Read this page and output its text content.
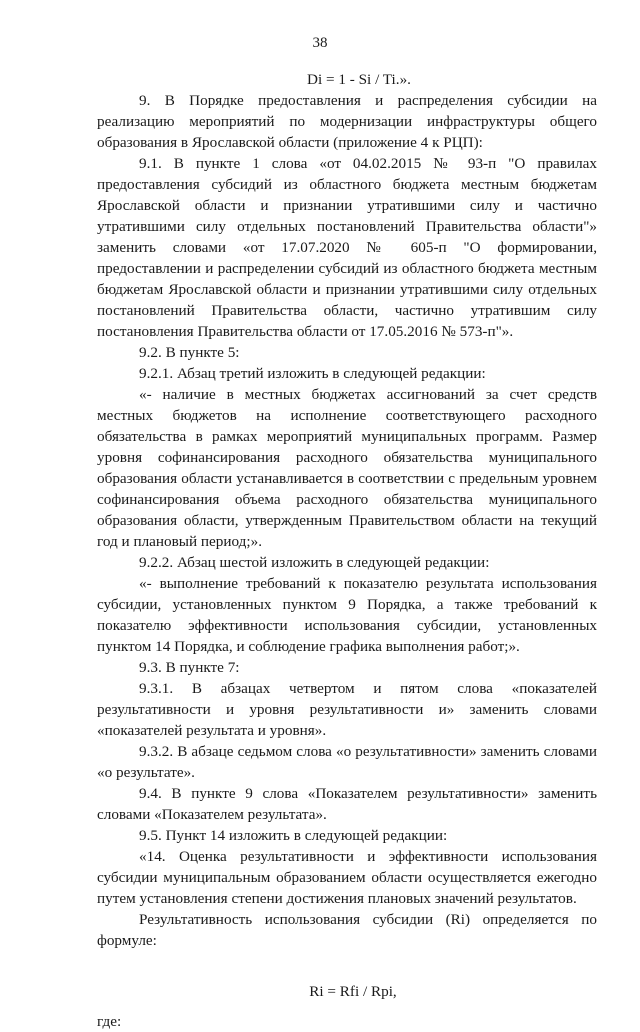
38

Di = 1 - Si / Ti.».

9. В Порядке предоставления и распределения субсидии на реализацию мероприятий по модернизации инфраструктуры общего образования в Ярославской области (приложение 4 к РЦП):

9.1. В пункте 1 слова «от 04.02.2015 № 93-п "О правилах предоставления субсидий из областного бюджета местным бюджетам Ярославской области и признании утратившими силу и частично утратившими силу отдельных постановлений Правительства области"» заменить словами «от 17.07.2020 № 605-п "О формировании, предоставлении и распределении субсидий из областного бюджета местным бюджетам Ярославской области и признании утратившими силу отдельных постановлений Правительства области, частично утратившим силу постановления Правительства области от 17.05.2016 № 573-п"».

9.2. В пункте 5:

9.2.1. Абзац третий изложить в следующей редакции:

«- наличие в местных бюджетах ассигнований за счет средств местных бюджетов на исполнение соответствующего расходного обязательства в рамках мероприятий муниципальных программ. Размер уровня софинансирования расходного обязательства муниципального образования области устанавливается в соответствии с предельным уровнем софинансирования объема расходного обязательства муниципального образования области, утвержденным Правительством области на текущий год и плановый период;».

9.2.2. Абзац шестой изложить в следующей редакции:

«- выполнение требований к показателю результата использования субсидии, установленных пунктом 9 Порядка, а также требований к показателю эффективности использования субсидии, установленных пунктом 14 Порядка, и соблюдение графика выполнения работ;».

9.3. В пункте 7:

9.3.1. В абзацах четвертом и пятом слова «показателей результативности и уровня результативности и» заменить словами «показателей результата и уровня».

9.3.2. В абзаце седьмом слова «о результативности» заменить словами «о результате».

9.4. В пункте 9 слова «Показателем результативности» заменить словами «Показателем результата».

9.5. Пункт 14 изложить в следующей редакции:

«14. Оценка результативности и эффективности использования субсидии муниципальным образованием области осуществляется ежегодно путем установления степени достижения плановых значений результатов.

Результативность использования субсидии (Ri) определяется по формуле:

Ri = Rfi / Rpi,

где:
